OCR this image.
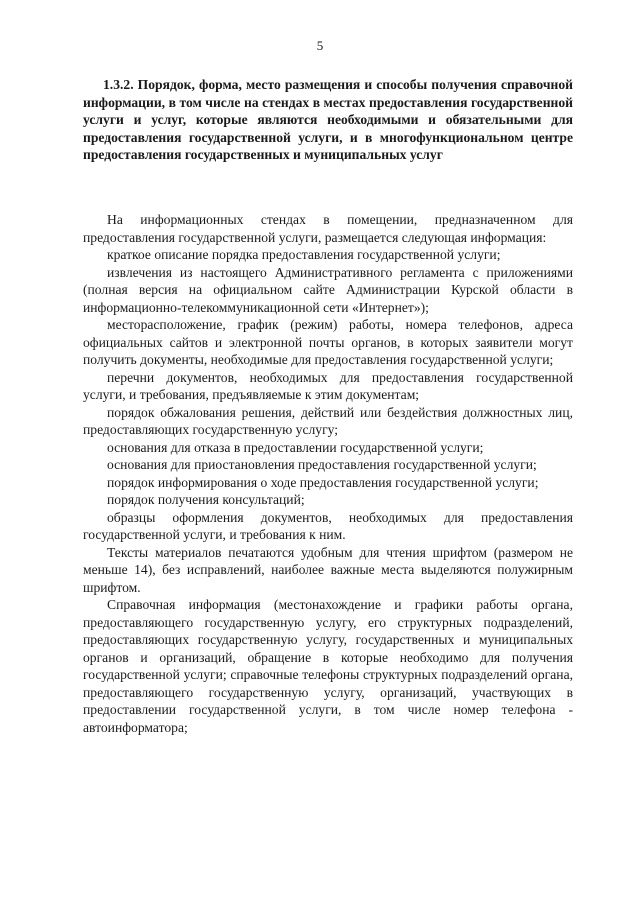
5
1.3.2. Порядок, форма, место размещения и способы получения справочной информации, в том числе на стендах в местах предоставления государственной услуги и услуг, которые являются необходимыми и обязательными для предоставления государственной услуги, и в многофункциональном центре предоставления государственных и муниципальных услуг

На информационных стендах в помещении, предназначенном для предоставления государственной услуги, размещается следующая информация:

краткое описание порядка предоставления государственной услуги;

извлечения из настоящего Административного регламента с приложениями (полная версия на официальном сайте Администрации Курской области в информационно-телекоммуникационной сети «Интернет»);

месторасположение, график (режим) работы, номера телефонов, адреса официальных сайтов и электронной почты органов, в которых заявители могут получить документы, необходимые для предоставления государственной услуги;

перечни документов, необходимых для предоставления государственной услуги, и требования, предъявляемые к этим документам;

порядок обжалования решения, действий или бездействия должностных лиц, предоставляющих государственную услугу;

основания для отказа в предоставлении государственной услуги;

основания для приостановления предоставления государственной услуги;

порядок информирования о ходе предоставления государственной услуги;

порядок получения консультаций;

образцы оформления документов, необходимых для предоставления государственной услуги, и требования к ним.

Тексты материалов печатаются удобным для чтения шрифтом (размером не меньше 14), без исправлений, наиболее важные места выделяются полужирным шрифтом.

Справочная информация (местонахождение и графики работы органа, предоставляющего государственную услугу, его структурных подразделений, предоставляющих государственную услугу, государственных и муниципальных органов и организаций, обращение в которые необходимо для получения государственной услуги; справочные телефоны структурных подразделений органа, предоставляющего государственную услугу, организаций, участвующих в предоставлении государственной услуги, в том числе номер телефона - автоинформатора;
